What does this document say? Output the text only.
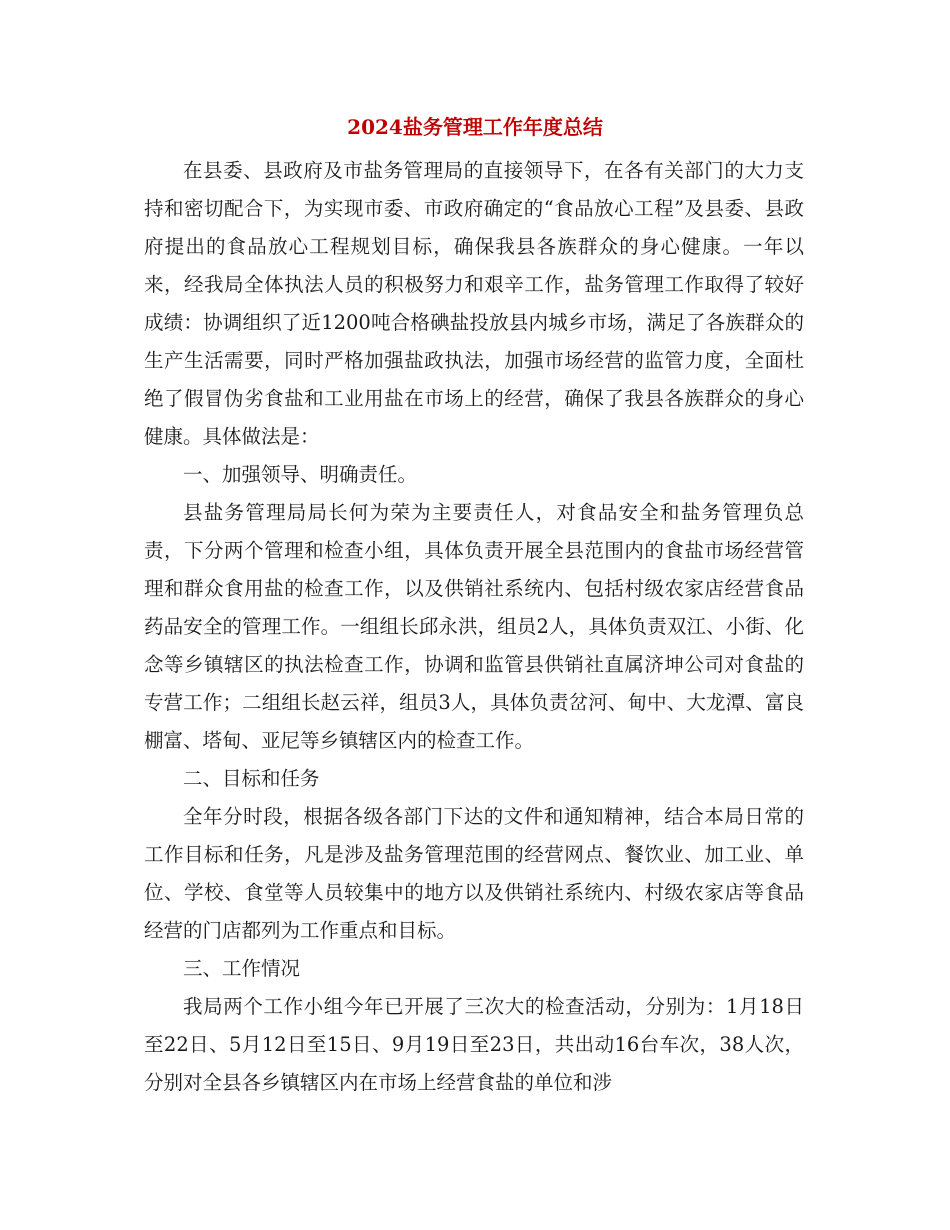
2024盐务管理工作年度总结

在县委、县政府及市盐务管理局的直接领导下，在各有关部门的大力支持和密切配合下，为实现市委、市政府确定的“食品放心工程”及县委、县政府提出的食品放心工程规划目标，确保我县各族群众的身心健康。一年以来，经我局全体执法人员的积极努力和艰辛工作，盐务管理工作取得了较好成绩：协调组织了近1200吨合格碘盐投放县内城乡市场，满足了各族群众的生产生活需要，同时严格加强盐政执法，加强市场经营的监管力度，全面杜绝了假冒伪劣食盐和工业用盐在市场上的经营，确保了我县各族群众的身心健康。具体做法是：

一、加强领导、明确责任。

县盐务管理局局长何为荣为主要责任人，对食品安全和盐务管理负总责，下分两个管理和检查小组，具体负责开展全县范围内的食盐市场经营管理和群众食用盐的检查工作，以及供销社系统内、包括村级农家店经营食品药品安全的管理工作。一组组长邱永洪，组员2人，具体负责双江、小街、化念等乡镇辖区的执法检查工作，协调和监管县供销社直属济坤公司对食盐的专营工作；二组组长赵云祥，组员3人，具体负责岔河、甸中、大龙潭、富良棚富、塔甸、亚尼等乡镇辖区内的检查工作。

二、目标和任务

全年分时段，根据各级各部门下达的文件和通知精神，结合本局日常的工作目标和任务，凡是涉及盐务管理范围的经营网点、餐饮业、加工业、单位、学校、食堂等人员较集中的地方以及供销社系统内、村级农家店等食品经营的门店都列为工作重点和目标。

三、工作情况

我局两个工作小组今年已开展了三次大的检查活动，分别为：1月18日至22日、5月12日至15日、9月19日至23日，共出动16台车次，38人次，分别对全县各乡镇辖区内在市场上经营食盐的单位和涉
